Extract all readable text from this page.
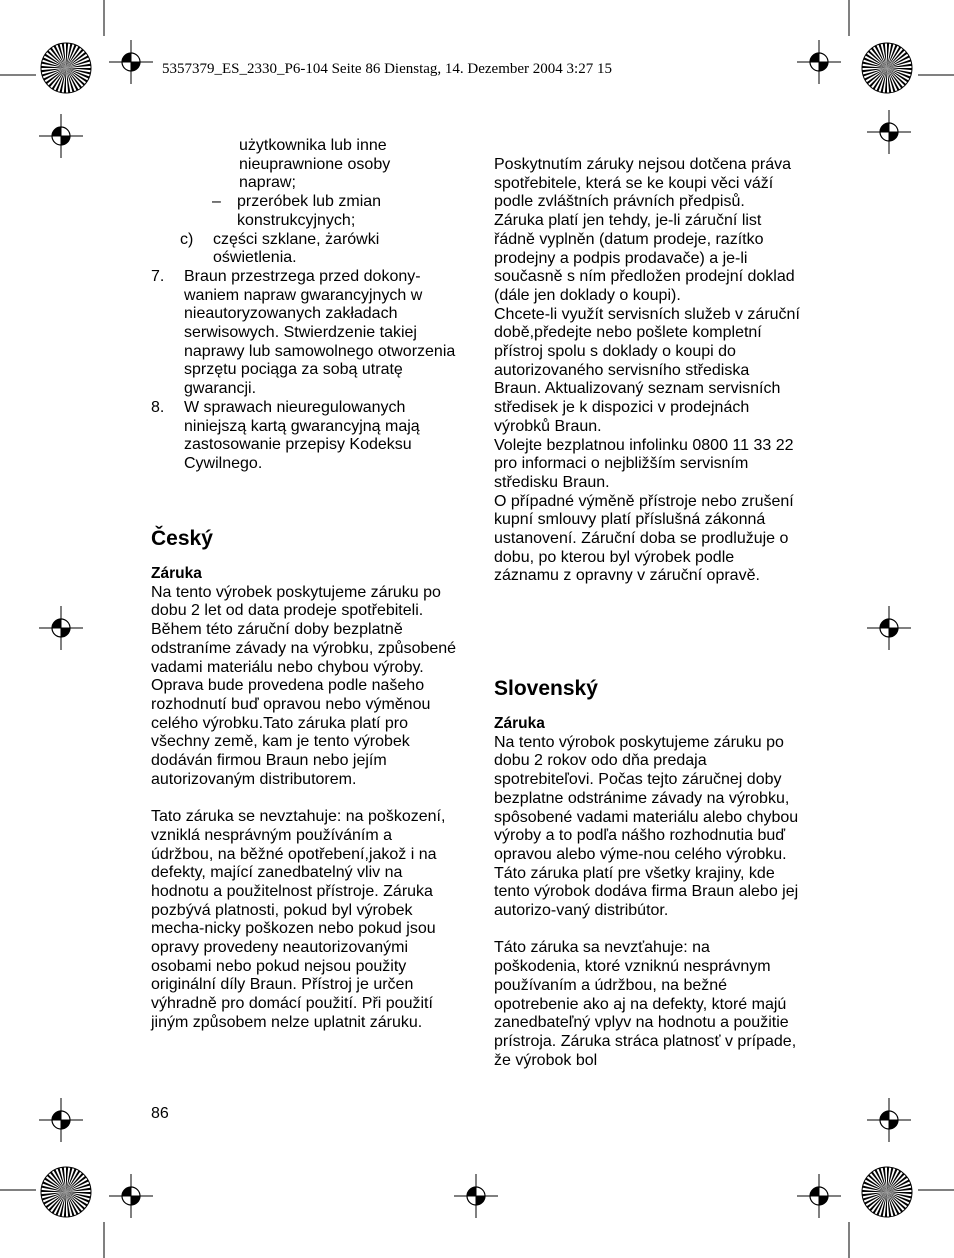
5357379_ES_2330_P6-104 Seite 86 Dienstag, 14. Dezember 2004 3:27 15

użytkownika lub inne

nieuprawnione osoby

napraw;

–	przeróbek lub zmian konstrukcyjnych;
c)	części szklane, żarówki oświetlenia.
7.	Braun przestrzega przed dokony-waniem napraw gwarancyjnych w nieautoryzowanych zakładach serwisowych. Stwierdzenie takiej naprawy lub samowolnego otworzenia sprzętu pociąga za sobą utratę gwarancji.
8.	W sprawach nieuregulowanych niniejszą kartą gwarancyjną mają zastosowanie przepisy Kodeksu Cywilnego.
Český
Záruka

Na tento výrobek poskytujeme záruku po dobu 2 let od data prodeje spotřebiteli. Během této záruční doby bezplatně odstraníme závady na výrobku, způsobené vadami materiálu nebo chybou výroby. Oprava bude provedena podle našeho rozhodnutí buď opravou nebo výměnou celého výrobku.Tato záruka platí pro všechny země, kam je tento výrobek dodáván firmou Braun nebo jejím autorizovaným distributorem.

Tato záruka se nevztahuje: na poškození, vzniklá nesprávným používáním a údržbou, na běžné opotřebení,jakož i na defekty, mající zanedbatelný vliv na hodnotu a použitelnost přístroje. Záruka pozbývá platnosti, pokud byl výrobek mecha-nicky poškozen nebo pokud jsou opravy provedeny neautorizovanými osobami nebo pokud nejsou použity originální díly Braun. Přístroj je určen výhradně pro domácí použití. Při použití jiným způsobem nelze uplatnit záruku.

Poskytnutím záruky nejsou dotčena práva spotřebitele, která se ke koupi věci váží podle zvláštních právních předpisů.

Záruka platí jen tehdy, je-li záruční list řádně vyplněn (datum prodeje, razítko prodejny a podpis prodavače) a je-li současně s ním předložen prodejní doklad (dále jen doklady o koupi).

Chcete-li využít servisních služeb v záruční době,předejte nebo pošlete kompletní přístroj spolu s doklady o koupi do autorizovaného servisního střediska Braun. Aktualizovaný seznam servisních středisek je k dispozici v prodejnách výrobků Braun.

Volejte bezplatnou infolinku 0800 11 33 22 pro informaci o nejbližším servisním středisku Braun.

O případné výměně přístroje nebo zrušení kupní smlouvy platí příslušná zákonná ustanovení. Záruční doba se prodlužuje o dobu, po kterou byl výrobek podle záznamu z opravny v záruční opravě.

Slovenský
Záruka

Na tento výrobok poskytujeme záruku po dobu 2 rokov odo dňa predaja spotrebiteľovi. Počas tejto záručnej doby bezplatne odstránime závady na výrobku, spôsobené vadami materiálu alebo chybou výroby a to podľa nášho rozhodnutia buď opravou alebo výme-nou celého výrobku. Táto záruka platí pre všetky krajiny, kde tento výrobok dodáva firma Braun alebo jej autorizo-vaný distribútor.

Táto záruka sa nevzťahuje: na poškodenia, ktoré vzniknú nesprávnym používaním a údržbou, na bežné opotrebenie ako aj na defekty, ktoré majú zanedbateľný vplyv na hodnotu a použitie prístroja. Záruka stráca platnosť v prípade, že výrobok bol

86
